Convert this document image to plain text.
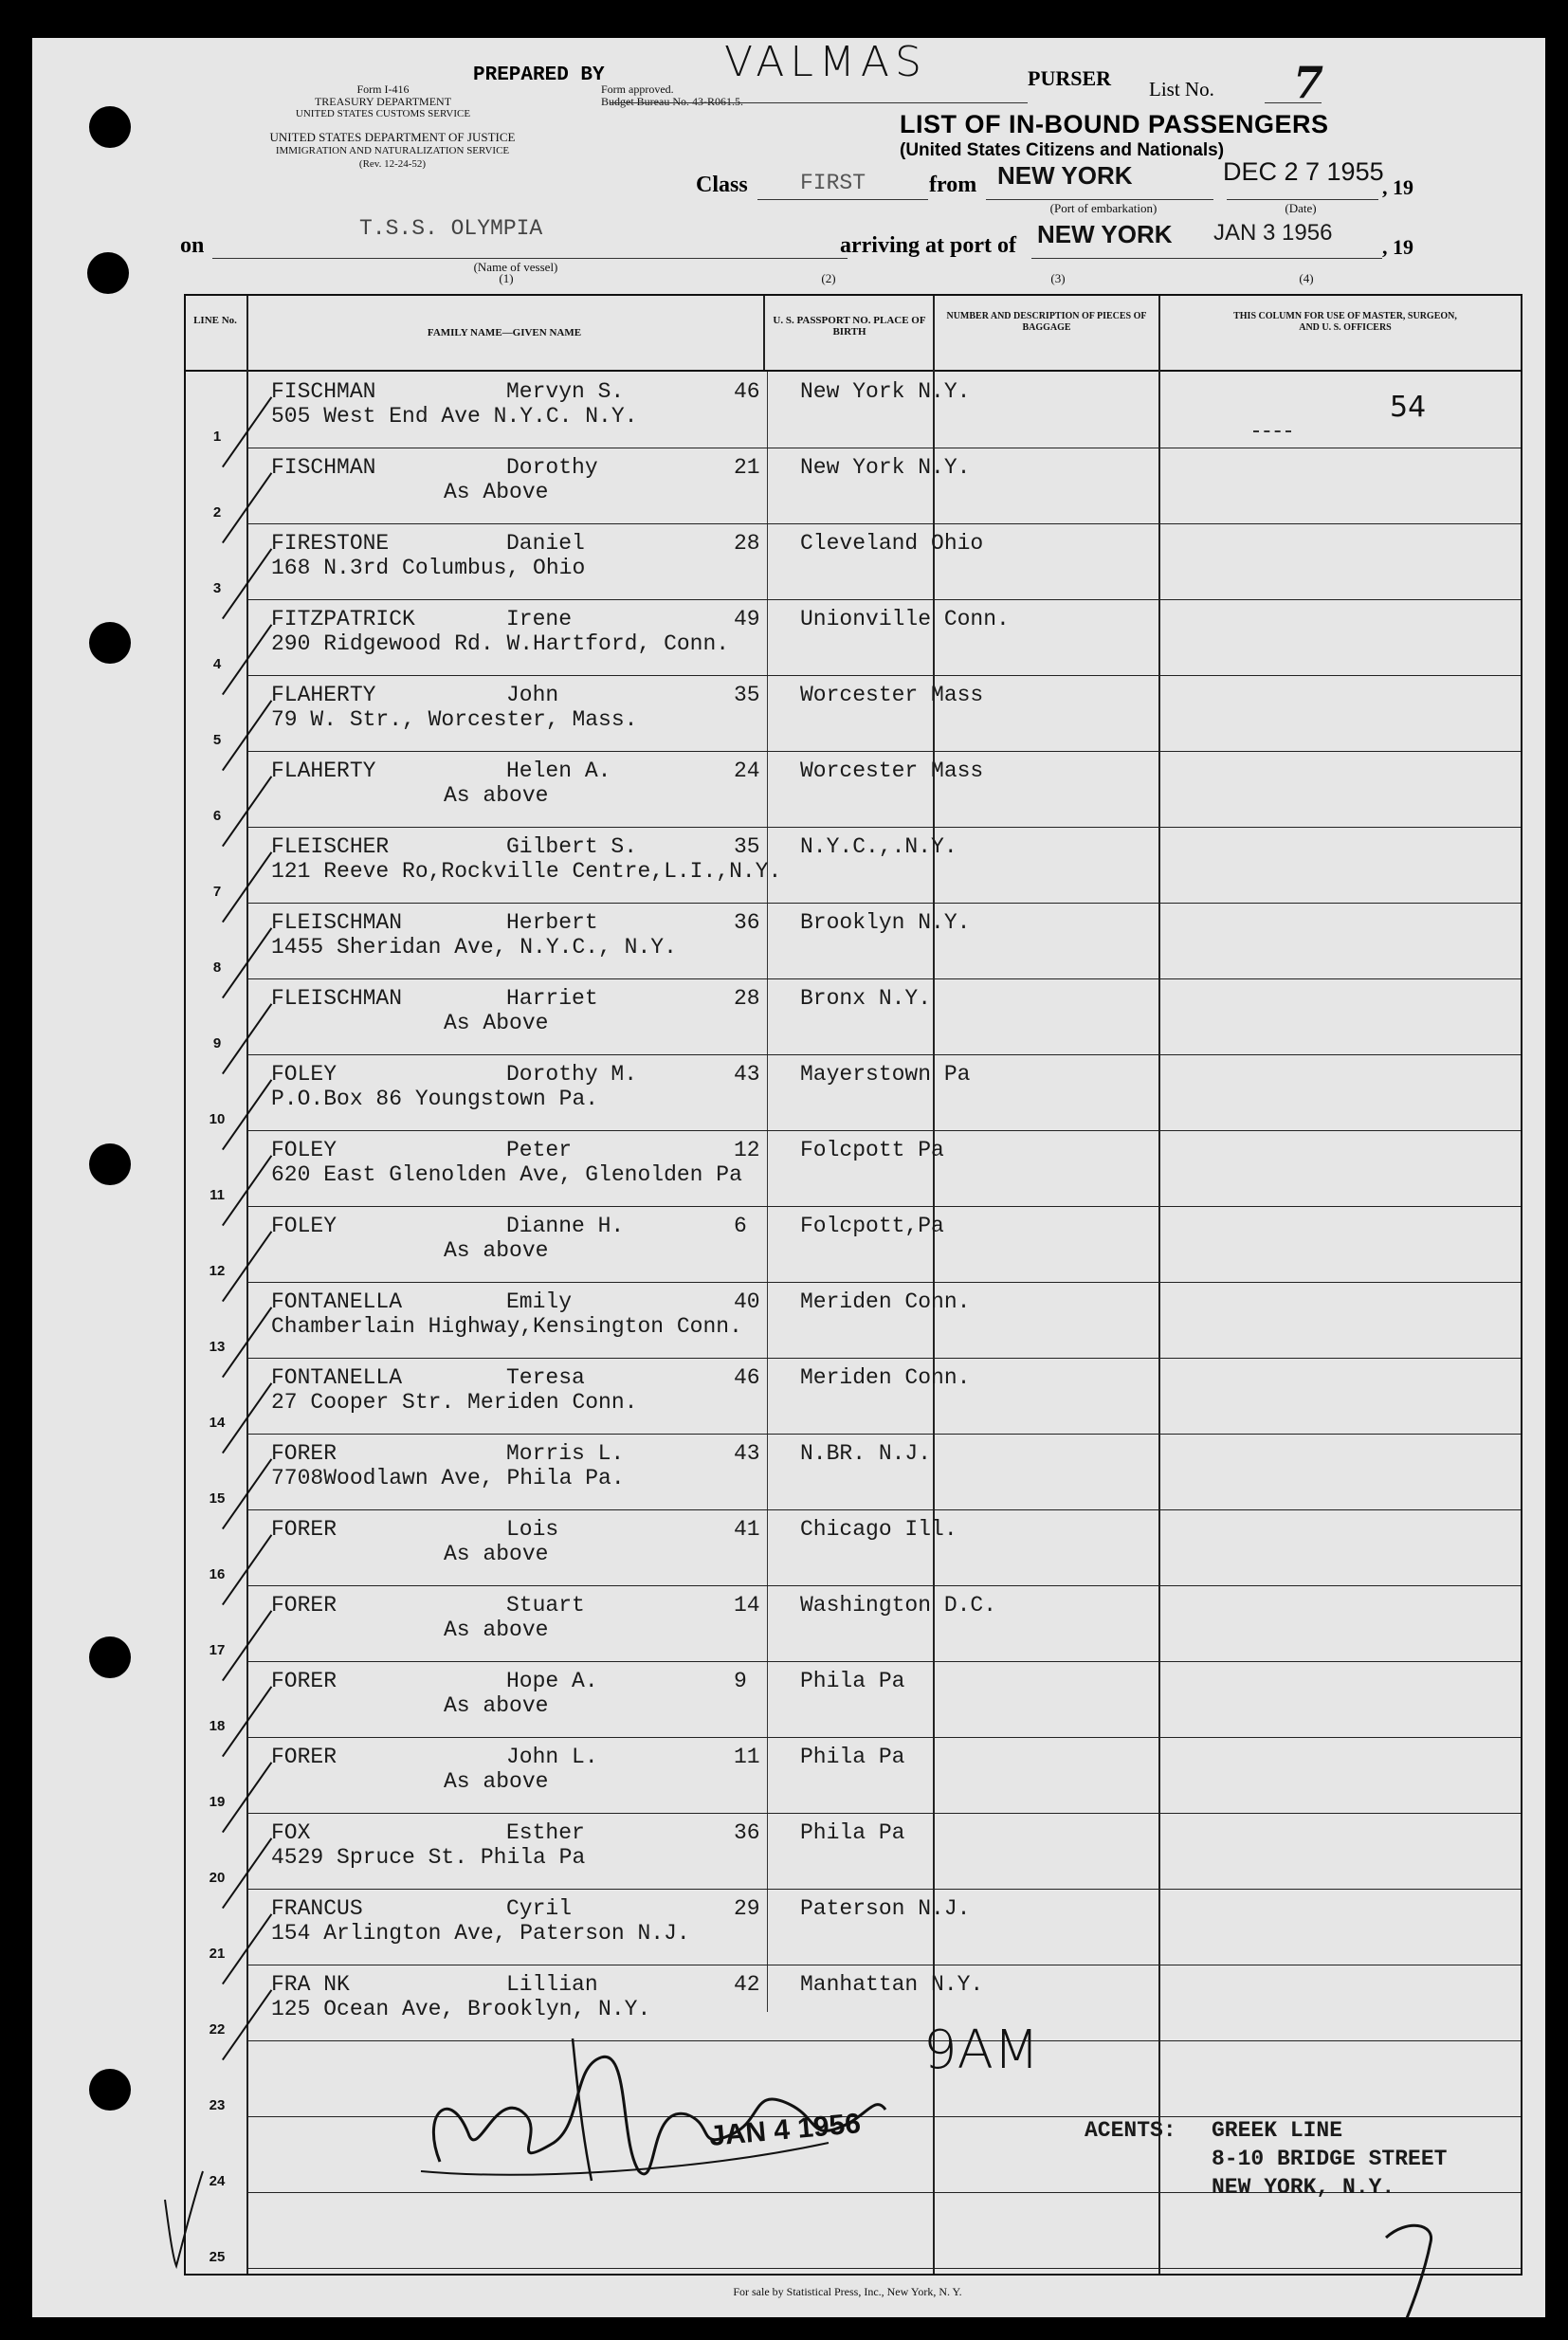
Form I-416
TREASURY DEPARTMENT
UNITED STATES CUSTOMS SERVICE
Form approved.
Budget Bureau No. 43-R061.5.
UNITED STATES DEPARTMENT OF JUSTICE
IMMIGRATION AND NATURALIZATION SERVICE
(Rev. 12-24-52)
PREPARED BY	VALMAS	PURSER List No. 7
LIST OF IN-BOUND PASSENGERS
(United States Citizens and Nationals)
Class FIRST	from NEW YORK
(Port of embarkation)
DEC 2 7 1955
(Date)
, 19
on
T.S.S. OLYMPIA
(Name of vessel)
arriving at port of NEW YORK JAN 3 1956
, 19
(1)	(2)	(3)	(4)
LINE No.
FAMILY NAME—GIVEN NAME
U. S. PASSPORT NO. PLACE OF BIRTH
NUMBER AND DESCRIPTION OF PIECES OF BAGGAGE
THIS COLUMN FOR USE OF MASTER, SURGEON, AND U. S. OFFICERS
1
FISCHMAN	Mervyn S.	46 New York N.Y.
505 West End Ave N.Y.C. N.Y.
2
FISCHMAN	Dorothy	21 New York N.Y.
As Above
3
FIRESTONE	Daniel	28 Cleveland Ohio
168 N.3rd Columbus, Ohio
4
FITZPATRICK	Irene	49 Unionville Conn.
290 Ridgewood Rd. W.Hartford, Conn.
5
FLAHERTY	John	35 Worcester Mass
79 W. Str., Worcester, Mass.
6
FLAHERTY	Helen A.	24 Worcester Mass
As above
7
FLEISCHER	Gilbert S.	35 N.Y.C.,.N.Y.
121 Reeve Ro,Rockville Centre,L.I.,N.Y.
8
FLEISCHMAN	Herbert	36 Brooklyn N.Y.
1455 Sheridan Ave, N.Y.C., N.Y.
9
FLEISCHMAN	Harriet	28 Bronx N.Y.
As Above
10
FOLEY	Dorothy M.	43 Mayerstown Pa
P.O.Box 86 Youngstown Pa.
11
FOLEY	Peter	12 Folcpott Pa
620 East Glenolden Ave, Glenolden Pa
12
FOLEY	Dianne H.	6 Folcpott,Pa
As above
13
FONTANELLA	Emily	40 Meriden Conn.
Chamberlain Highway,Kensington Conn.
14
FONTANELLA	Teresa	46 Meriden Conn.
27 Cooper Str. Meriden Conn.
15
FORER	Morris L.	43 N.BR. N.J.
7708Woodlawn Ave, Phila Pa.
16
FORER	Lois	41 Chicago Ill.
As above
17
FORER	Stuart	14 Washington D.C.
As above
18
FORER	Hope A.	9 Phila Pa
As above
19
FORER	John L.	11 Phila Pa
As above
20
FOX	Esther	36 Phila Pa
4529 Spruce St. Phila Pa
21
FRANCUS	Cyril	29 Paterson N.J.
154 Arlington Ave, Paterson N.J.
22
FRA NK	Lillian	42 Manhattan N.Y.
125 Ocean Ave, Brooklyn, N.Y.
23
24
25
54
JAN 4 1956
9AM
ACENTS: GREEK LINE
8-10 BRIDGE STREET
NEW YORK, N.Y.
For sale by Statistical Press, Inc., New York, N. Y.
